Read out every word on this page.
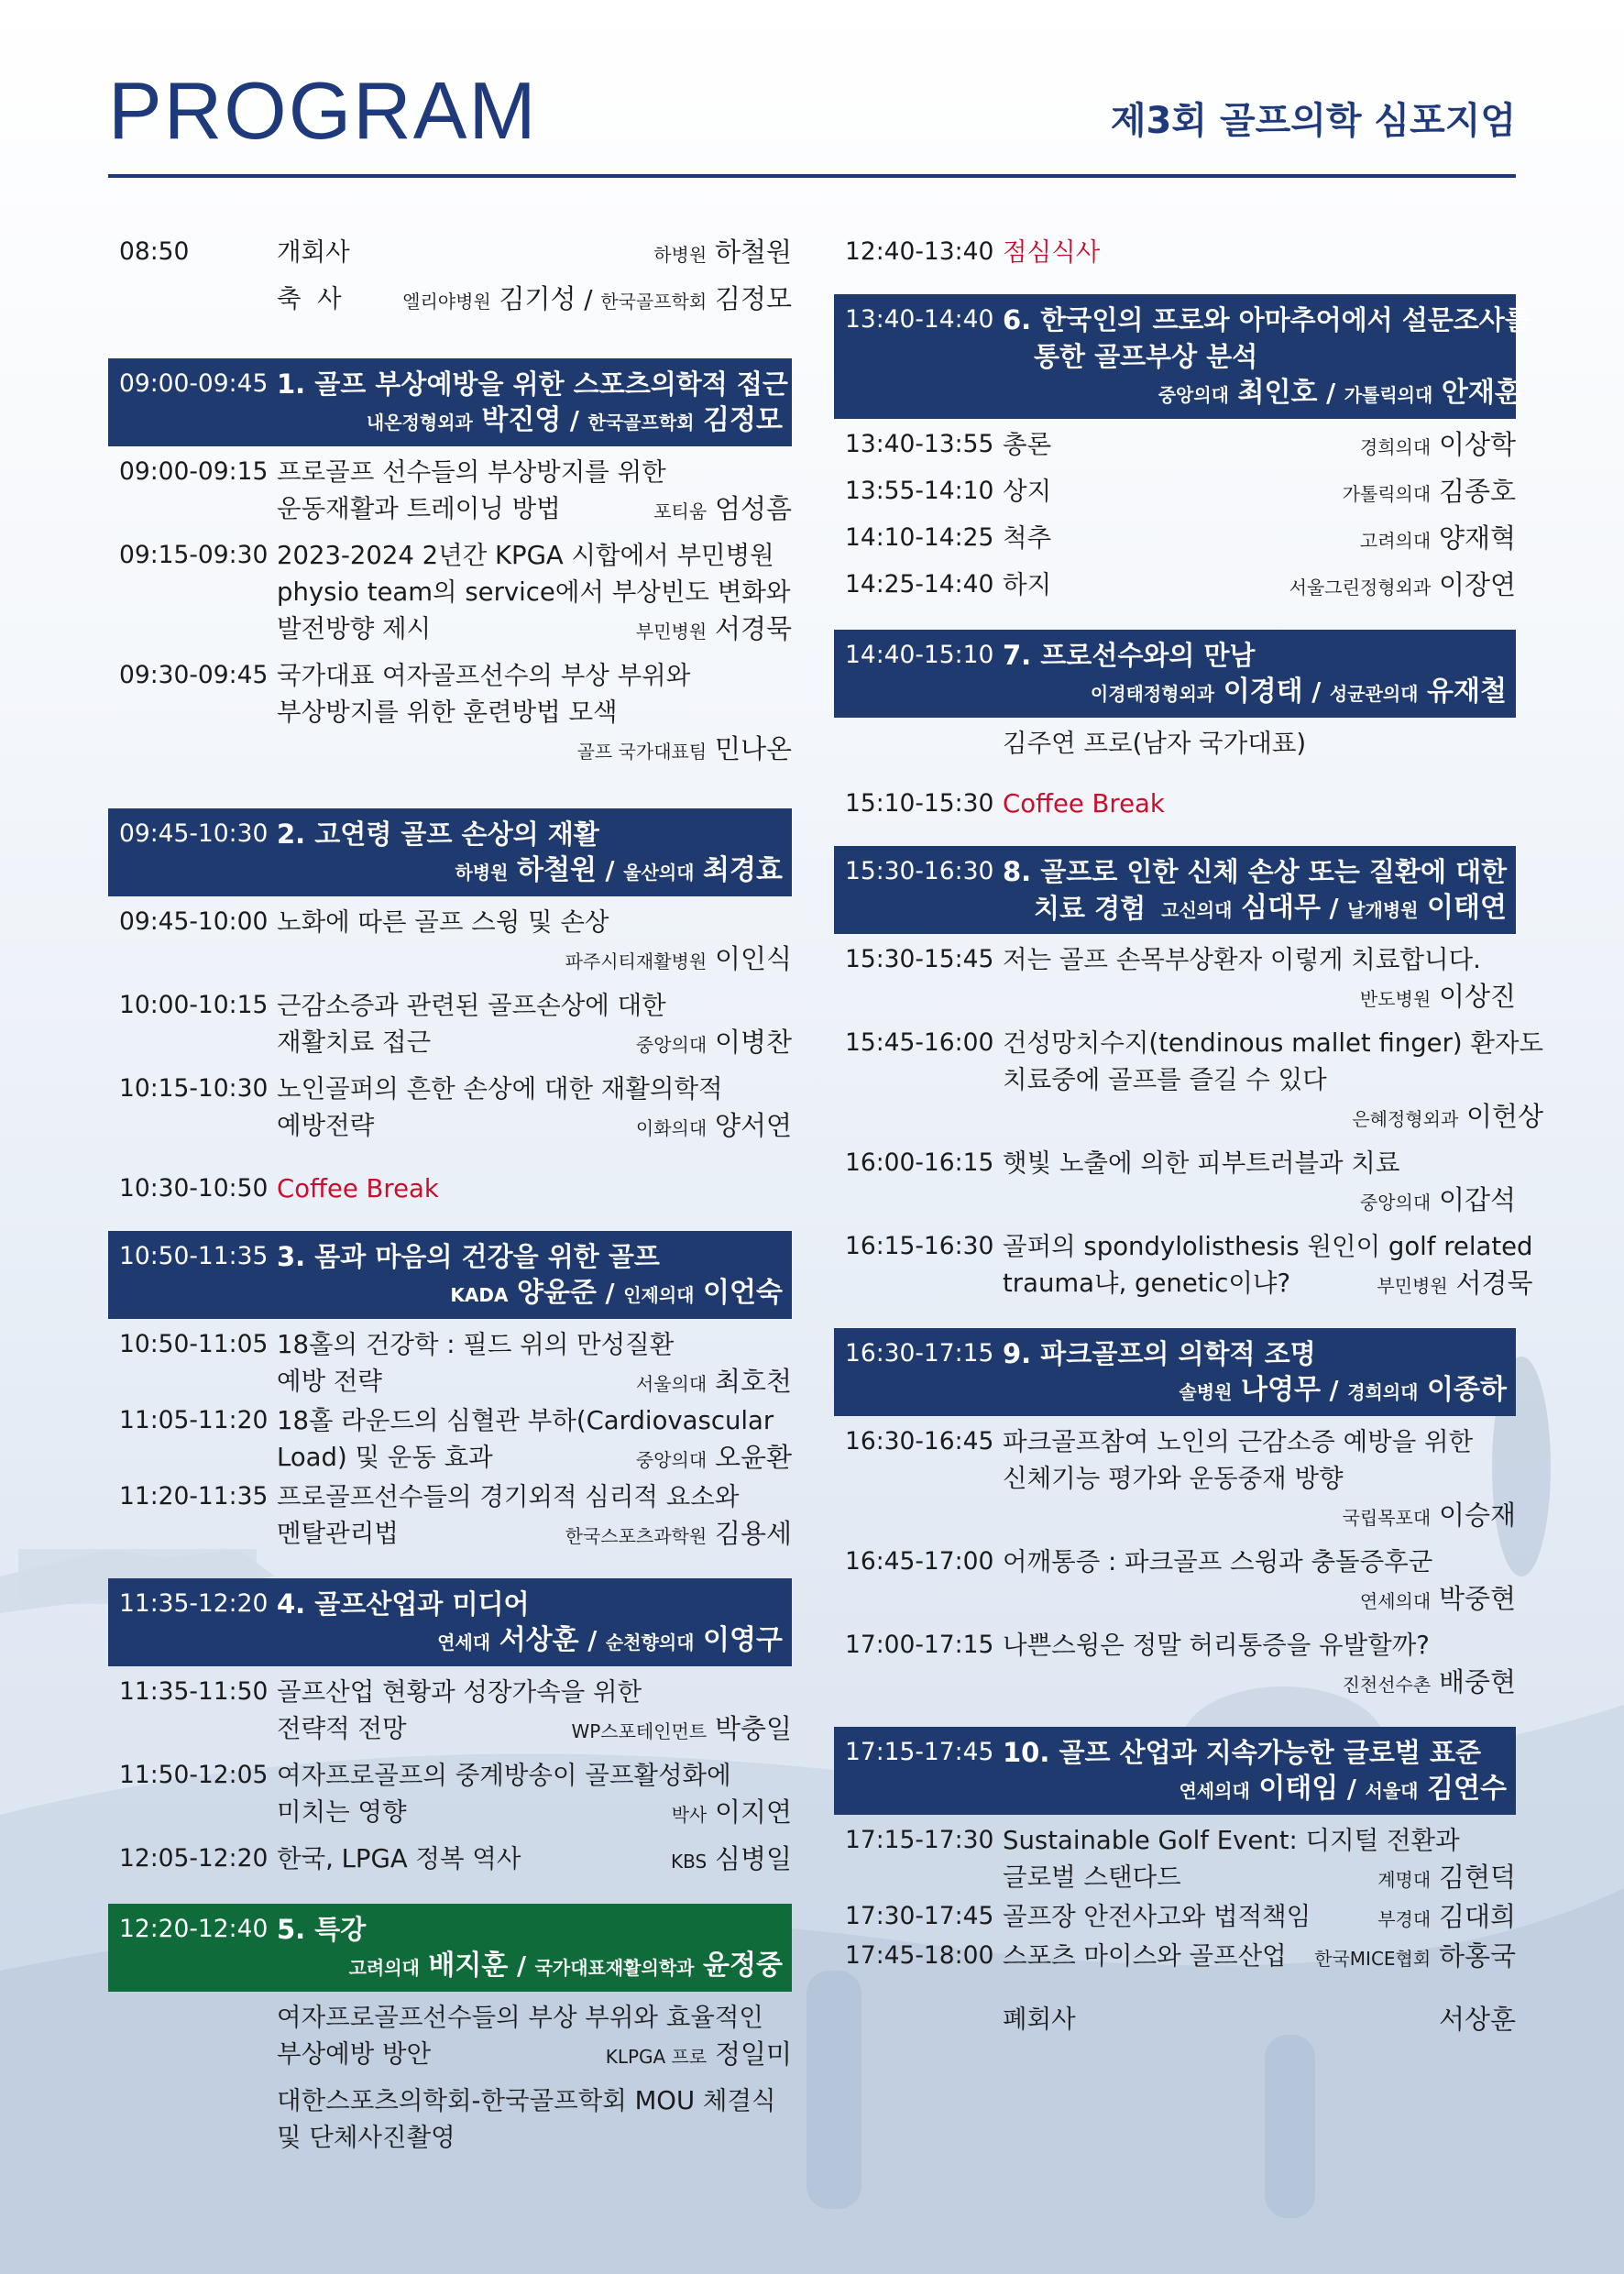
PROGRAM	제3회 골프의학 심포지엄
08:50	개회사	하병원 하철원
축  사	엘리야병원 김기성 / 한국골프학회 김정모
09:00-09:45 1. 골프 부상예방을 위한 스포츠의학적 접근
내온정형외과 박진영 / 한국골프학회 김정모
09:00-09:15 프로골프 선수들의 부상방지를 위한
운동재활과 트레이닝 방법	포티움 엄성흠
09:15-09:30 2023-2024 2년간 KPGA 시합에서 부민병원
physio team의 service에서 부상빈도 변화와
발전방향 제시	부민병원 서경묵
09:30-09:45 국가대표 여자골프선수의 부상 부위와
부상방지를 위한 훈련방법 모색
골프 국가대표팀 민나온
09:45-10:30 2. 고연령 골프 손상의 재활
하병원 하철원 / 울산의대 최경효
09:45-10:00 노화에 따른 골프 스윙 및 손상
파주시티재활병원 이인식
10:00-10:15 근감소증과 관련된 골프손상에 대한
재활치료 접근	중앙의대 이병찬
10:15-10:30 노인골퍼의 흔한 손상에 대한 재활의학적
예방전략	이화의대 양서연
10:30-10:50 Coffee Break
10:50-11:35 3. 몸과 마음의 건강을 위한 골프
KADA 양윤준 / 인제의대 이언숙
10:50-11:05 18홀의 건강학 : 필드 위의 만성질환
예방 전략	서울의대 최호천
11:05-11:20 18홀 라운드의 심혈관 부하(Cardiovascular
Load) 및 운동 효과	중앙의대 오윤환
11:20-11:35 프로골프선수들의 경기외적 심리적 요소와
멘탈관리법	한국스포츠과학원 김용세
11:35-12:20 4. 골프산업과 미디어
연세대 서상훈 / 순천향의대 이영구
11:35-11:50 골프산업 현황과 성장가속을 위한
전략적 전망	WP스포테인먼트 박충일
11:50-12:05 여자프로골프의 중계방송이 골프활성화에
미치는 영향	박사 이지연
12:05-12:20 한국, LPGA 정복 역사	KBS 심병일
12:20-12:40 5. 특강
고려의대 배지훈 / 국가대표재활의학과 윤정중
여자프로골프선수들의 부상 부위와 효율적인
부상예방 방안	KLPGA 프로 정일미
대한스포츠의학회-한국골프학회 MOU 체결식
및 단체사진촬영
12:40-13:40 점심식사
13:40-14:40 6. 한국인의 프로와 아마추어에서 설문조사를
통한 골프부상 분석
중앙의대 최인호 / 가톨릭의대 안재훈
13:40-13:55 총론	경희의대 이상학
13:55-14:10 상지	가톨릭의대 김종호
14:10-14:25 척추	고려의대 양재혁
14:25-14:40 하지	서울그린정형외과 이장연
14:40-15:10 7. 프로선수와의 만남
이경태정형외과 이경태 / 성균관의대 유재철
김주연 프로(남자 국가대표)
15:10-15:30 Coffee Break
15:30-16:30 8. 골프로 인한 신체 손상 또는 질환에 대한
치료 경험 고신의대 심대무 / 날개병원 이태연
15:30-15:45 저는 골프 손목부상환자 이렇게 치료합니다.
반도병원 이상진
15:45-16:00 건성망치수지(tendinous mallet finger) 환자도
치료중에 골프를 즐길 수 있다
은혜정형외과 이헌상
16:00-16:15 햇빛 노출에 의한 피부트러블과 치료
중앙의대 이갑석
16:15-16:30 골퍼의 spondylolisthesis 원인이 golf related
trauma냐, genetic이냐?	부민병원 서경묵
16:30-17:15 9. 파크골프의 의학적 조명
솔병원 나영무 / 경희의대 이종하
16:30-16:45 파크골프참여 노인의 근감소증 예방을 위한
신체기능 평가와 운동중재 방향
국립목포대 이승재
16:45-17:00 어깨통증 : 파크골프 스윙과 충돌증후군
연세의대 박중현
17:00-17:15 나쁜스윙은 정말 허리통증을 유발할까?
진천선수촌 배중현
17:15-17:45 10. 골프 산업과 지속가능한 글로벌 표준
연세의대 이태임 / 서울대 김연수
17:15-17:30 Sustainable Golf Event: 디지털 전환과
글로벌 스탠다드	계명대 김현덕
17:30-17:45 골프장 안전사고와 법적책임	부경대 김대희
17:45-18:00 스포츠 마이스와 골프산업	한국MICE협회 하홍국
폐회사	서상훈
